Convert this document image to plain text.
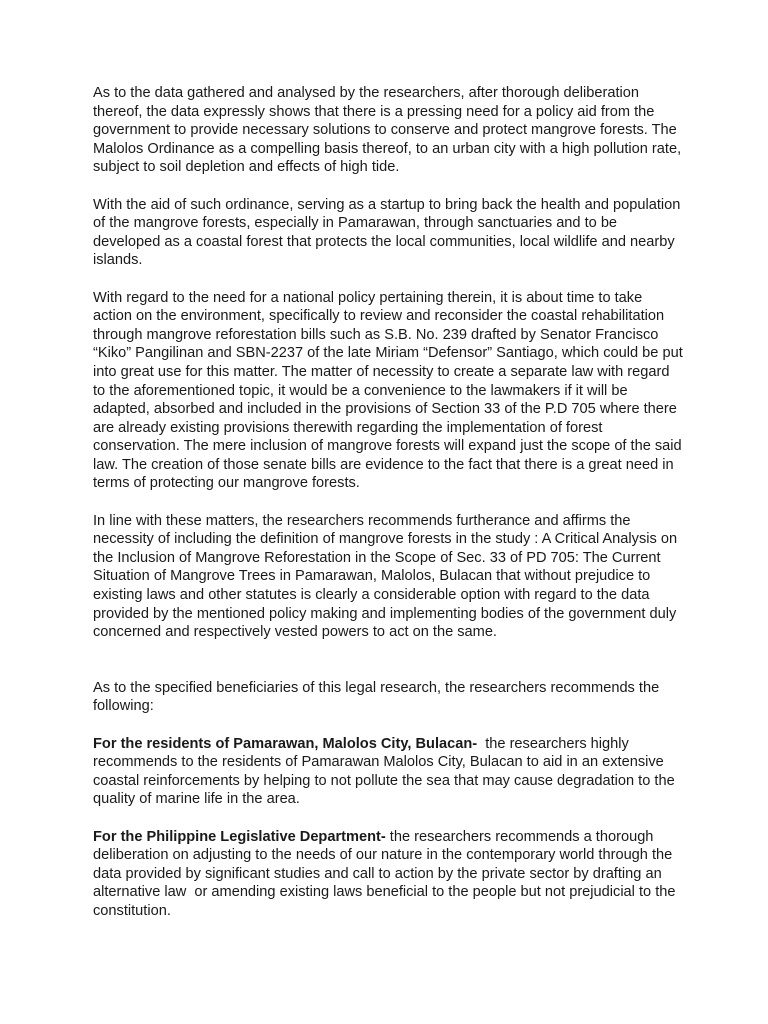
As to the data gathered and analysed by the researchers, after thorough deliberation thereof, the data expressly shows that there is a pressing need for a policy aid from the government to provide necessary solutions to conserve and protect mangrove forests. The Malolos Ordinance as a compelling basis thereof, to an urban city with a high pollution rate, subject to soil depletion and effects of high tide.

With the aid of such ordinance, serving as a startup to bring back the health and population of the mangrove forests, especially in Pamarawan, through sanctuaries and to be developed as a coastal forest that protects the local communities, local wildlife and nearby islands.

With regard to the need for a national policy pertaining therein, it is about time to take action on the environment, specifically to review and reconsider the coastal rehabilitation through mangrove reforestation bills such as S.B. No. 239 drafted by Senator Francisco “Kiko” Pangilinan and SBN-2237 of the late Miriam “Defensor” Santiago, which could be put into great use for this matter. The matter of necessity to create a separate law with regard to the aforementioned topic, it would be a convenience to the lawmakers if it will be adapted, absorbed and included in the provisions of Section 33 of the P.D 705 where there are already existing provisions therewith regarding the implementation of forest conservation. The mere inclusion of mangrove forests will expand just the scope of the said law. The creation of those senate bills are evidence to the fact that there is a great need in terms of protecting our mangrove forests.

In line with these matters, the researchers recommends furtherance and affirms the necessity of including the definition of mangrove forests in the study : A Critical Analysis on the Inclusion of Mangrove Reforestation in the Scope of Sec. 33 of PD 705: The Current Situation of Mangrove Trees in Pamarawan, Malolos, Bulacan that without prejudice to existing laws and other statutes is clearly a considerable option with regard to the data provided by the mentioned policy making and implementing bodies of the government duly concerned and respectively vested powers to act on the same.

As to the specified beneficiaries of this legal research, the researchers recommends the following:

For the residents of Pamarawan, Malolos City, Bulacan-  the researchers highly recommends to the residents of Pamarawan Malolos City, Bulacan to aid in an extensive coastal reinforcements by helping to not pollute the sea that may cause degradation to the quality of marine life in the area.

For the Philippine Legislative Department- the researchers recommends a thorough deliberation on adjusting to the needs of our nature in the contemporary world through the data provided by significant studies and call to action by the private sector by drafting an alternative law  or amending existing laws beneficial to the people but not prejudicial to the constitution.
